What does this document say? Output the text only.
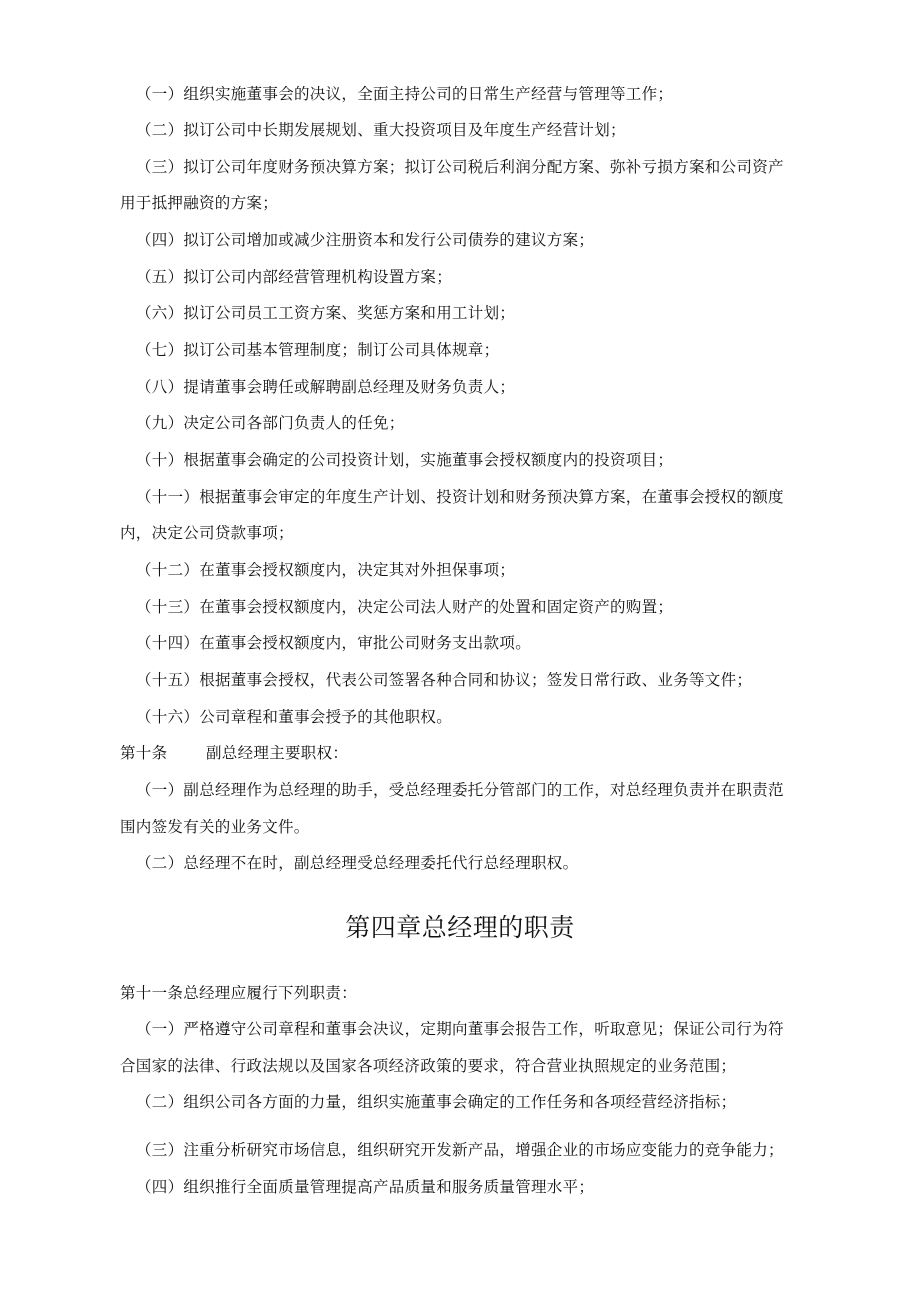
（一）组织实施董事会的决议，全面主持公司的日常生产经营与管理等工作；
（二）拟订公司中长期发展规划、重大投资项目及年度生产经营计划；
（三）拟订公司年度财务预决算方案；拟订公司税后利润分配方案、弥补亏损方案和公司资产
用于抵押融资的方案；
（四）拟订公司增加或减少注册资本和发行公司债券的建议方案；
（五）拟订公司内部经营管理机构设置方案；
（六）拟订公司员工工资方案、奖惩方案和用工计划；
（七）拟订公司基本管理制度；制订公司具体规章；
（八）提请董事会聘任或解聘副总经理及财务负责人；
（九）决定公司各部门负责人的任免；
（十）根据董事会确定的公司投资计划，实施董事会授权额度内的投资项目；
（十一）根据董事会审定的年度生产计划、投资计划和财务预决算方案，在董事会授权的额度
内，决定公司贷款事项；
（十二）在董事会授权额度内，决定其对外担保事项；
（十三）在董事会授权额度内，决定公司法人财产的处置和固定资产的购置；
（十四）在董事会授权额度内，审批公司财务支出款项。
（十五）根据董事会授权，代表公司签署各种合同和协议；签发日常行政、业务等文件；
（十六）公司章程和董事会授予的其他职权。
第十条 副总经理主要职权：
（一）副总经理作为总经理的助手，受总经理委托分管部门的工作，对总经理负责并在职责范
围内签发有关的业务文件。
（二）总经理不在时，副总经理受总经理委托代行总经理职权。
第四章总经理的职责
第十一条总经理应履行下列职责：
（一）严格遵守公司章程和董事会决议，定期向董事会报告工作，听取意见；保证公司行为符
合国家的法律、行政法规以及国家各项经济政策的要求，符合营业执照规定的业务范围；
（二）组织公司各方面的力量，组织实施董事会确定的工作任务和各项经营经济指标；
（三）注重分析研究市场信息，组织研究开发新产品，增强企业的市场应变能力的竞争能力；
（四）组织推行全面质量管理提高产品质量和服务质量管理水平；
